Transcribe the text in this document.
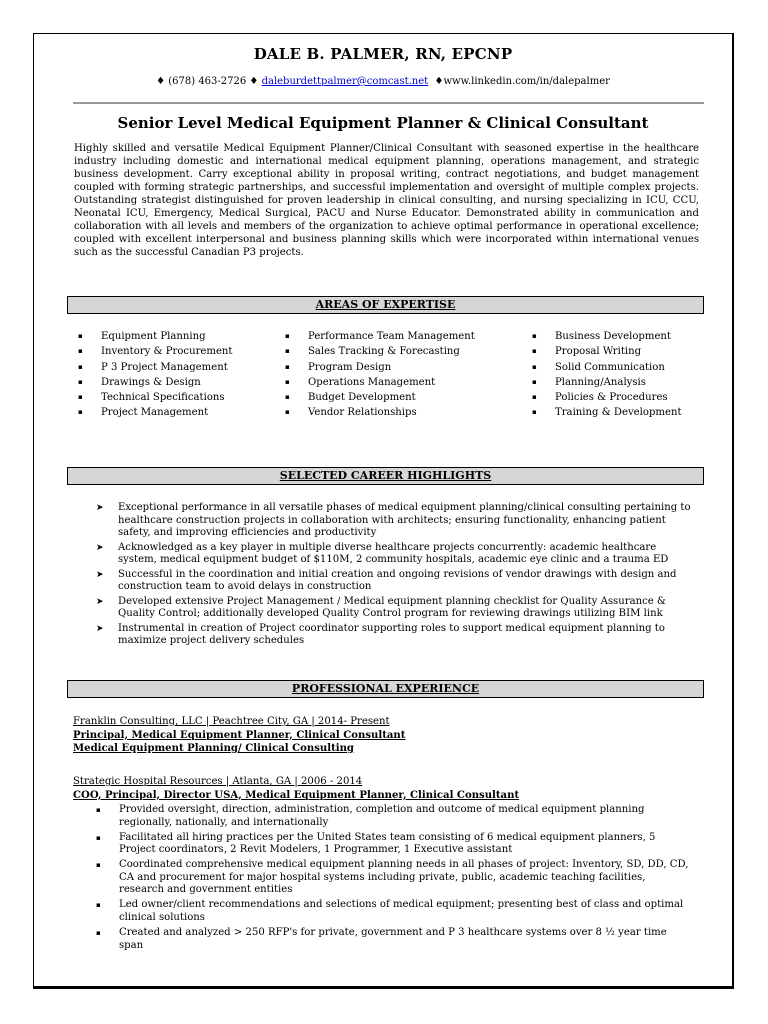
DALE B. PALMER, RN, EPCNP
♦ (678) 463-2726 ♦ daleburdettpalmer@comcast.net ♦www.linkedin.com/in/dalepalmer
Senior Level Medical Equipment Planner & Clinical Consultant
Highly skilled and versatile Medical Equipment Planner/Clinical Consultant with seasoned expertise in the healthcare industry including domestic and international medical equipment planning, operations management, and strategic business development. Carry exceptional ability in proposal writing, contract negotiations, and budget management coupled with forming strategic partnerships, and successful implementation and oversight of multiple complex projects. Outstanding strategist distinguished for proven leadership in clinical consulting, and nursing specializing in ICU, CCU, Neonatal ICU, Emergency, Medical Surgical, PACU and Nurse Educator. Demonstrated ability in communication and collaboration with all levels and members of the organization to achieve optimal performance in operational excellence; coupled with excellent interpersonal and business planning skills which were incorporated within international venues such as the successful Canadian P3 projects.
AREAS OF EXPERTISE
▪ Equipment Planning
▪ Inventory & Procurement
▪ P 3 Project Management
▪ Drawings & Design
▪ Technical Specifications
▪ Project Management
▪ Performance Team Management
▪ Sales Tracking & Forecasting
▪ Program Design
▪ Operations Management
▪ Budget Development
▪ Vendor Relationships
▪ Business Development
▪ Proposal Writing
▪ Solid Communication
▪ Planning/Analysis
▪ Policies & Procedures
▪ Training & Development
SELECTED CAREER HIGHLIGHTS
➤ Exceptional performance in all versatile phases of medical equipment planning/clinical consulting pertaining to healthcare construction projects in collaboration with architects; ensuring functionality, enhancing patient safety, and improving efficiencies and productivity
➤ Acknowledged as a key player in multiple diverse healthcare projects concurrently: academic healthcare system, medical equipment budget of $110M, 2 community hospitals, academic eye clinic and a trauma ED
➤ Successful in the coordination and initial creation and ongoing revisions of vendor drawings with design and construction team to avoid delays in construction
➤ Developed extensive Project Management / Medical equipment planning checklist for Quality Assurance & Quality Control; additionally developed Quality Control program for reviewing drawings utilizing BIM link
➤ Instrumental in creation of Project coordinator supporting roles to support medical equipment planning to maximize project delivery schedules
PROFESSIONAL EXPERIENCE
Franklin Consulting, LLC | Peachtree City, GA | 2014- Present
Principal, Medical Equipment Planner, Clinical Consultant
Medical Equipment Planning/ Clinical Consulting
Strategic Hospital Resources | Atlanta, GA | 2006 - 2014
COO, Principal, Director USA, Medical Equipment Planner, Clinical Consultant
▪ Provided oversight, direction, administration, completion and outcome of medical equipment planning regionally, nationally, and internationally
▪ Facilitated all hiring practices per the United States team consisting of 6 medical equipment planners, 5 Project coordinators, 2 Revit Modelers, 1 Programmer, 1 Executive assistant
▪ Coordinated comprehensive medical equipment planning needs in all phases of project: Inventory, SD, DD, CD, CA and procurement for major hospital systems including private, public, academic teaching facilities, research and government entities
▪ Led owner/client recommendations and selections of medical equipment; presenting best of class and optimal clinical solutions
▪ Created and analyzed > 250 RFP's for private, government and P 3 healthcare systems over 8 ½ year time span
